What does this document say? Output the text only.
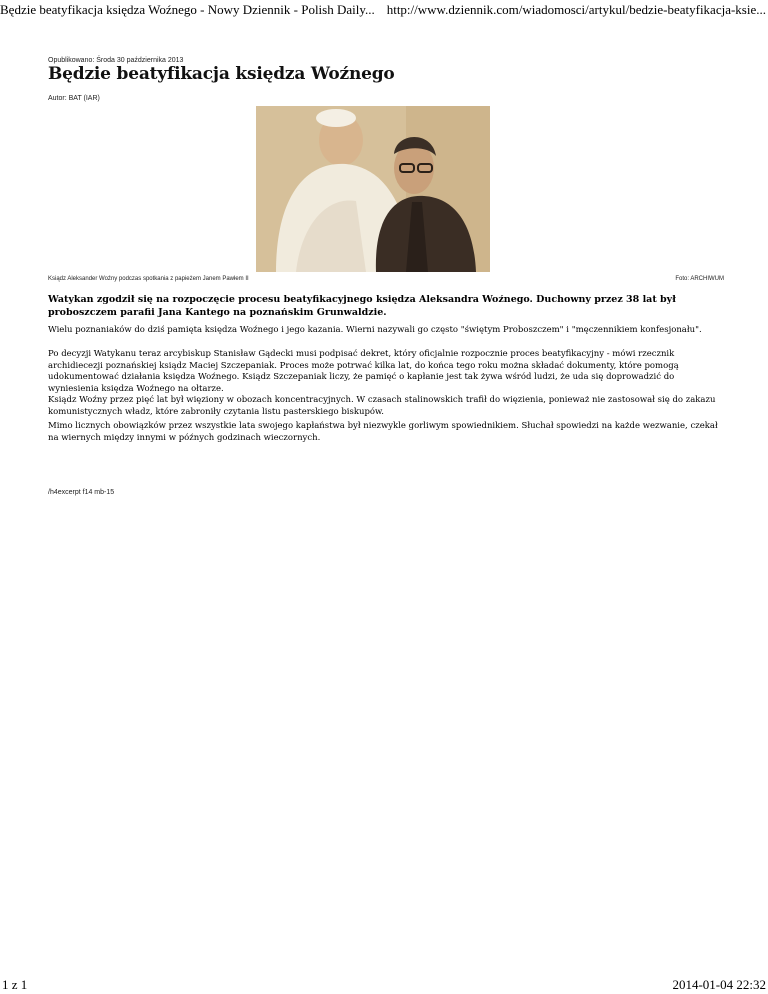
Będzie beatyfikacja księdza Woźnego - Nowy Dziennik - Polish Daily... http://www.dziennik.com/wiadomosci/artykul/bedzie-beatyfikacja-ksie...
Opublikowano: Środa 30 października 2013
Będzie beatyfikacja księdza Woźnego
Autor: BAT (IAR)
Ksiądz Aleksander Woźny podczas spotkania z papieżem Janem Pawłem II	Foto: ARCHIWUM

Watykan zgodził się na rozpoczęcie procesu beatyfikacyjnego księdza Aleksandra Woźnego. Duchowny przez 38 lat był proboszczem parafii Jana Kantego na poznańskim Grunwaldzie.

Wielu poznaniaków do dziś pamięta księdza Woźnego i jego kazania. Wierni nazywali go często "świętym Proboszczem" i "męczennikiem konfesjonału".

Po decyzji Watykanu teraz arcybiskup Stanisław Gądecki musi podpisać dekret, który oficjalnie rozpocznie proces beatyfikacyjny - mówi rzecznik archidiecezji poznańskiej ksiądz Maciej Szczepaniak. Proces może potrwać kilka lat, do końca tego roku można składać dokumenty, które pomogą udokumentować działania księdza Woźnego. Ksiądz Szczepaniak liczy, że pamięć o kapłanie jest tak żywa wśród ludzi, że uda się doprowadzić do wyniesienia księdza Woźnego na ołtarze.
Ksiądz Woźny przez pięć lat był więziony w obozach koncentracyjnych. W czasach stalinowskich trafił do więzienia, ponieważ nie zastosował się do zakazu komunistycznych władz, które zabroniły czytania listu pasterskiego biskupów.

Mimo licznych obowiązków przez wszystkie lata swojego kapłaństwa był niezwykle gorliwym spowiednikiem. Słuchał spowiedzi na każde wezwanie, czekał na wiernych między innymi w późnych godzinach wieczornych.

/h4excerpt f14 mb-15
1 z 1	2014-01-04 22:32
